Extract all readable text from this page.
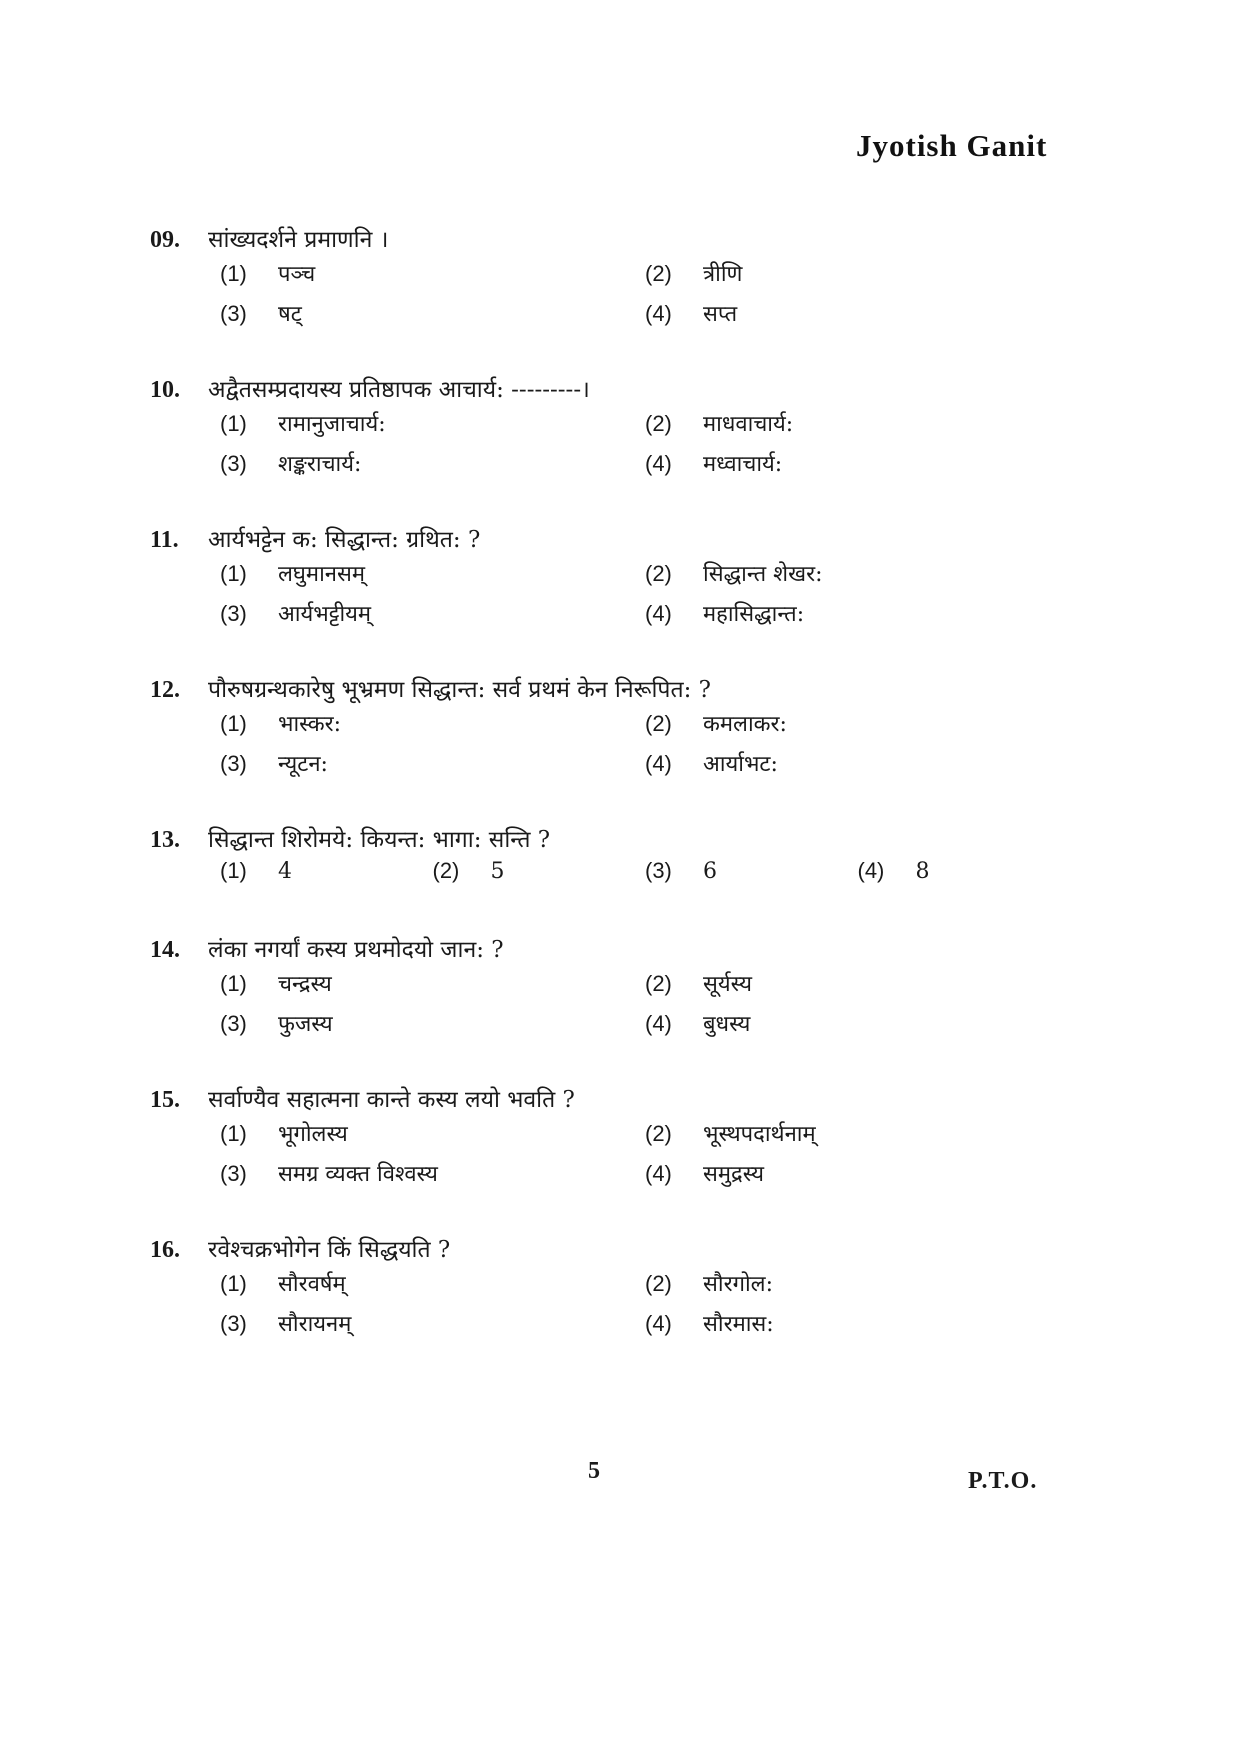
Jyotish Ganit
09.	सांख्यदर्शने प्रमाणनि ।
(1)	पञ्च	(2)	त्रीणि
(3)	षट्	(4)	सप्त
10.	अद्वैतसम्प्रदायस्य प्रतिष्ठापक आचार्य: ---------।
(1)	रामानुजाचार्य:	(2)	माधवाचार्य:
(3)	शङ्कराचार्य:	(4)	मध्वाचार्य:
11.	आर्यभट्टेन क: सिद्धान्त: ग्रथित: ?
(1)	लघुमानसम्	(2)	सिद्धान्त शेखर:
(3)	आर्यभट्टीयम्	(4)	महासिद्धान्त:
12.	पौरुषग्रन्थकारेषु भूभ्रमण सिद्धान्त: सर्व प्रथमं केन निरूपित: ?
(1)	भास्कर:	(2)	कमलाकर:
(3)	न्यूटन:	(4)	आर्याभट:
13.	सिद्धान्त शिरोमये: कियन्त: भागा: सन्ति ?
(1)	4	(2)	5	(3)	6	(4)	8
14.	लंका नगर्यां कस्य प्रथमोदयो जान: ?
(1)	चन्द्रस्य	(2)	सूर्यस्य
(3)	फुजस्य	(4)	बुधस्य
15.	सर्वाण्यैव सहात्मना कान्ते कस्य लयो भवति ?
(1)	भूगोलस्य	(2)	भूस्थपदार्थनाम्
(3)	समग्र व्यक्त विश्वस्य	(4)	समुद्रस्य
16.	रवेश्चक्रभोगेन किं सिद्धयति ?
(1)	सौरवर्षम्	(2)	सौरगोल:
(3)	सौरायनम्	(4)	सौरमास:
5	P.T.O.
